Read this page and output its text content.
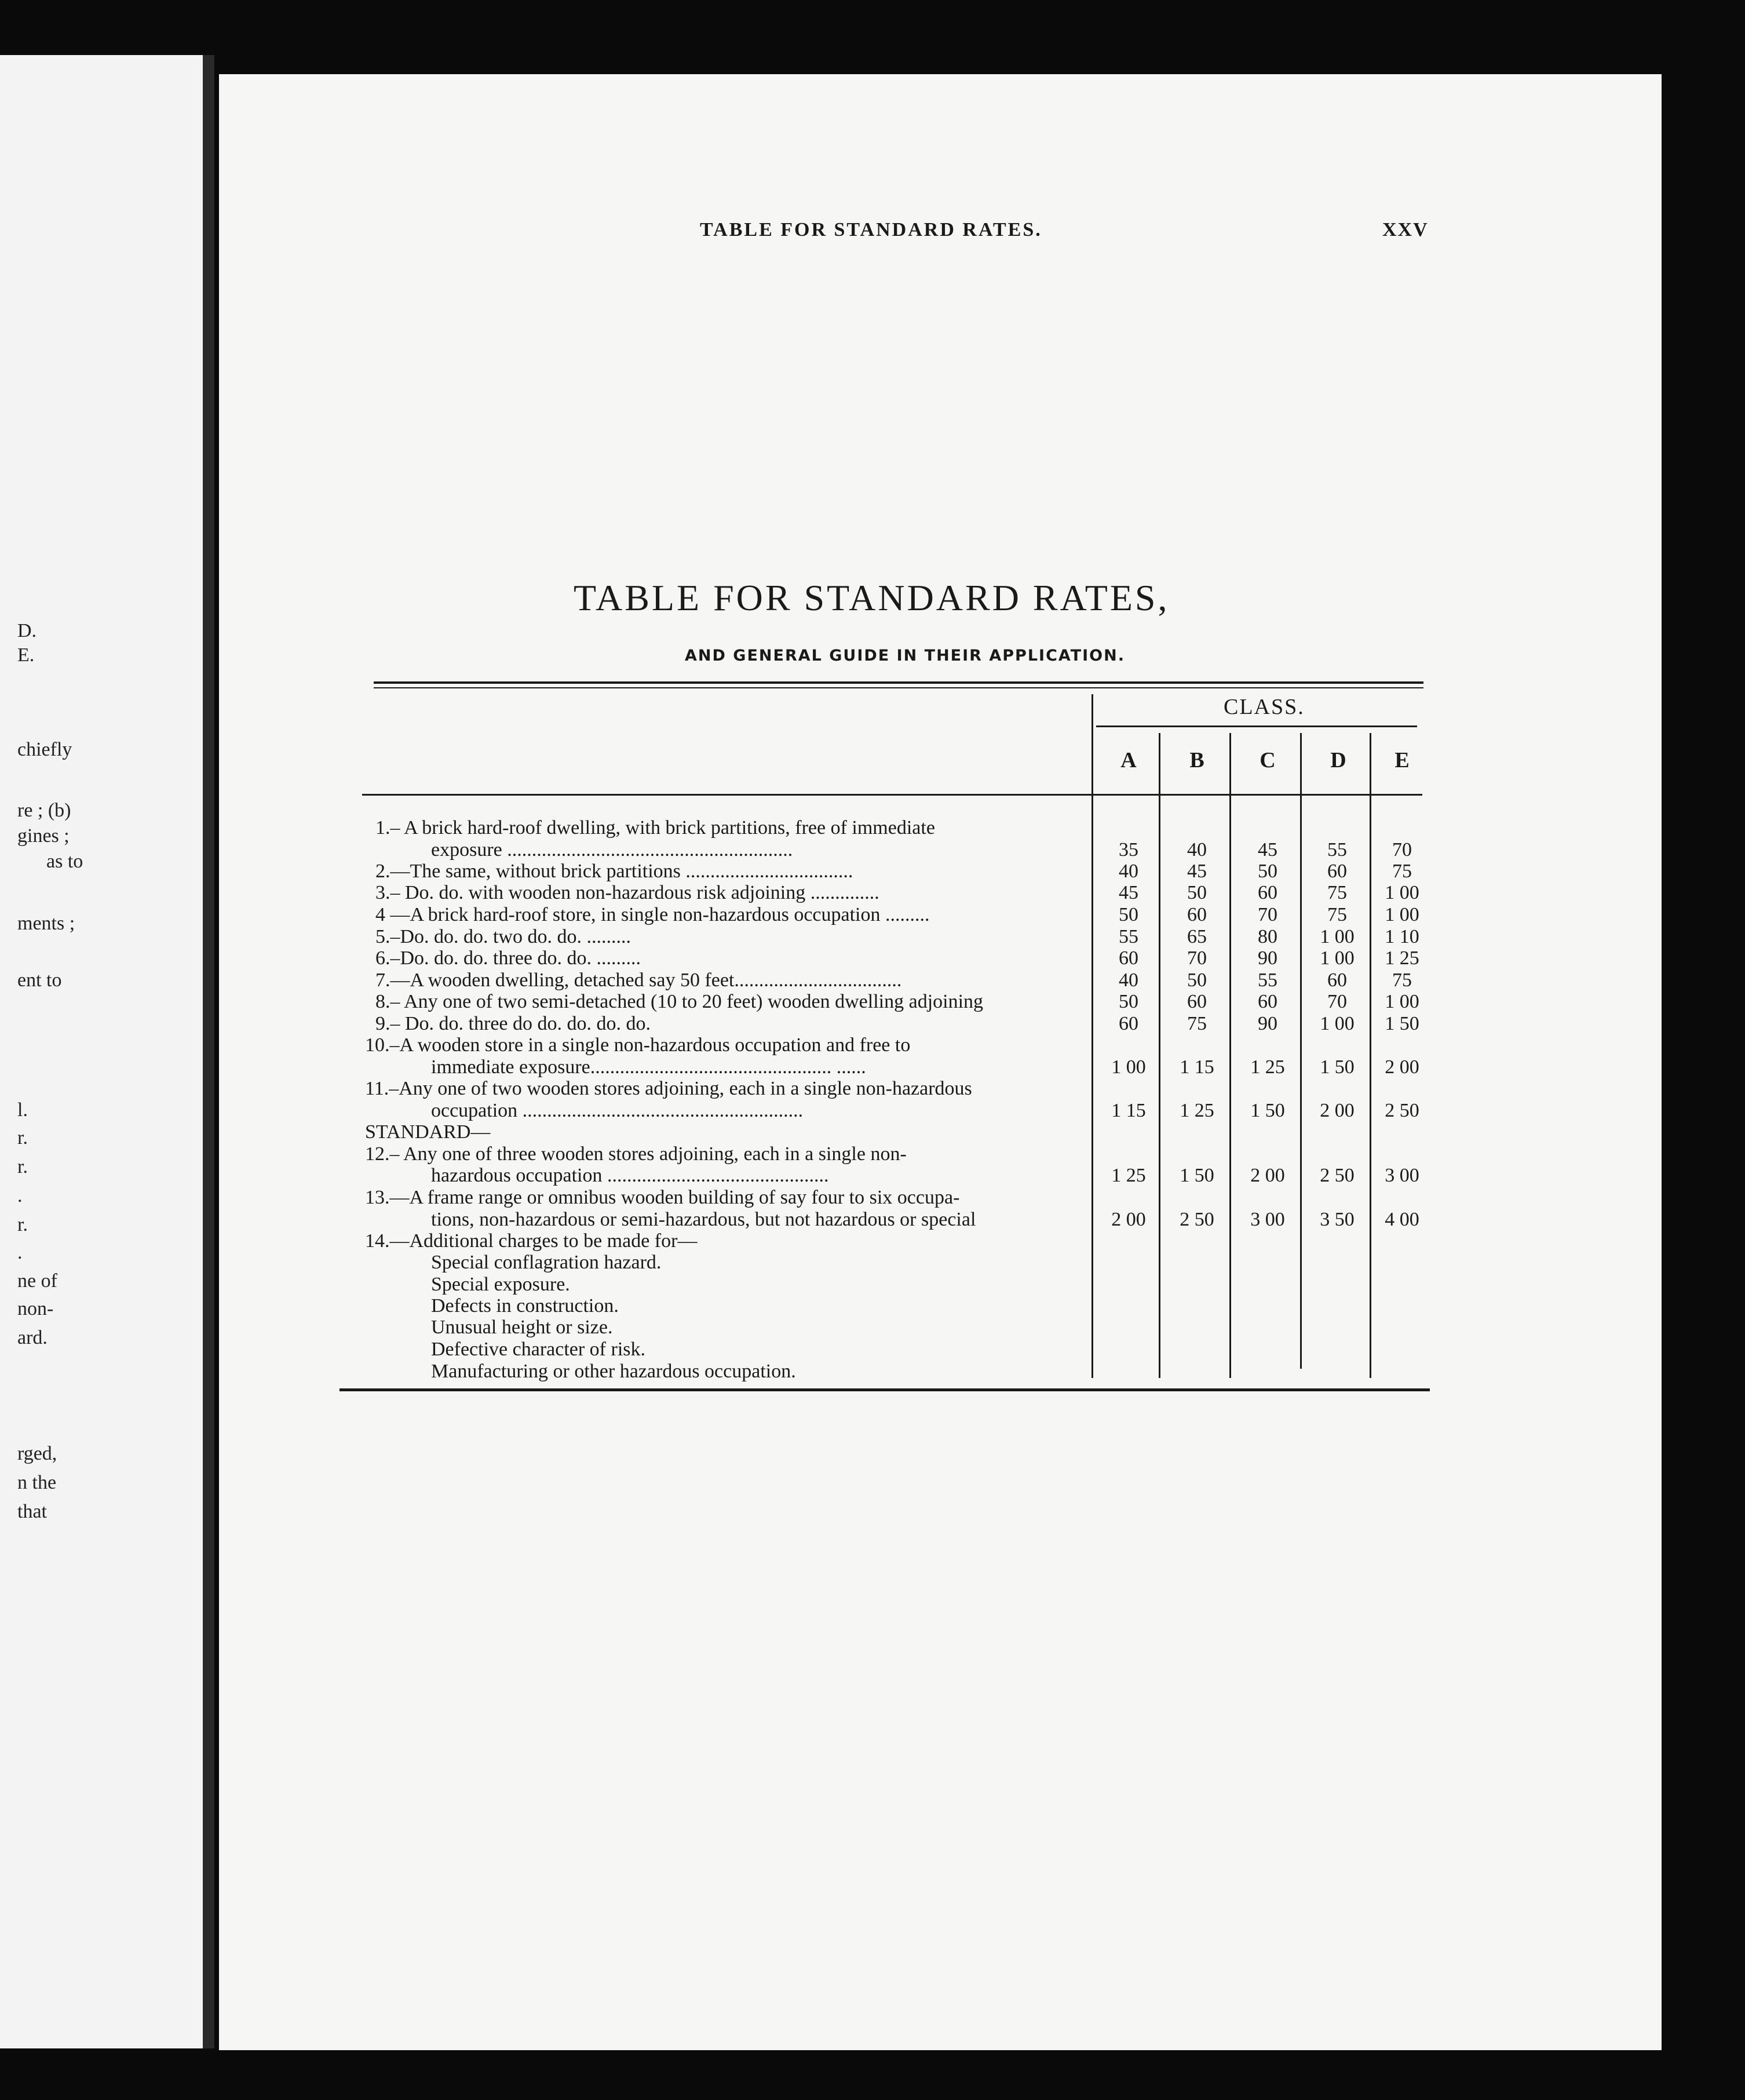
D.
E.
chiefly
re ; (b)
gines ;
as to
ments ;
ent to
l.
r.
r.
.
r.
.
ne of
non-
ard.
rged,
n the
that
TABLE FOR STANDARD RATES.	XXV
TABLE FOR STANDARD RATES,
AND GENERAL GUIDE IN THEIR APPLICATION.
CLASS.
A	B	C	D	E
1.– A brick hard-roof dwelling, with brick partitions, free of immediate
exposure ..........................................................	35	40	45	55	70
2.—The same, without brick partitions ..................................	40	45	50	60	75
3.– Do. do. with wooden non-hazardous risk adjoining ..............	45	50	60	75	1 00
4 —A brick hard-roof store, in single non-hazardous occupation .........	50	60	70	75	1 00
5.–Do. do. do. two do. do. .........	55	65	80	1 00	1 10
6.–Do. do. do. three do. do. .........	60	70	90	1 00	1 25
7.—A wooden dwelling, detached say 50 feet..................................	40	50	55	60	75
8.– Any one of two semi-detached (10 to 20 feet) wooden dwelling adjoining	50	60	60	70	1 00
9.– Do. do. three do do. do. do. do.	60	75	90	1 00	1 50
10.–A wooden store in a single non-hazardous occupation and free to
immediate exposure................................................. ......	1 00	1 15	1 25	1 50	2 00
11.–Any one of two wooden stores adjoining, each in a single non-hazardous
occupation .........................................................	1 15	1 25	1 50	2 00	2 50
STANDARD—
12.– Any one of three wooden stores adjoining, each in a single non-
hazardous occupation .............................................	1 25	1 50	2 00	2 50	3 00
13.—A frame range or omnibus wooden building of say four to six occupa-
tions, non-hazardous or semi-hazardous, but not hazardous or special	2 00	2 50	3 00	3 50	4 00
14.—Additional charges to be made for—
Special conflagration hazard.
Special exposure.
Defects in construction.
Unusual height or size.
Defective character of risk.
Manufacturing or other hazardous occupation.
